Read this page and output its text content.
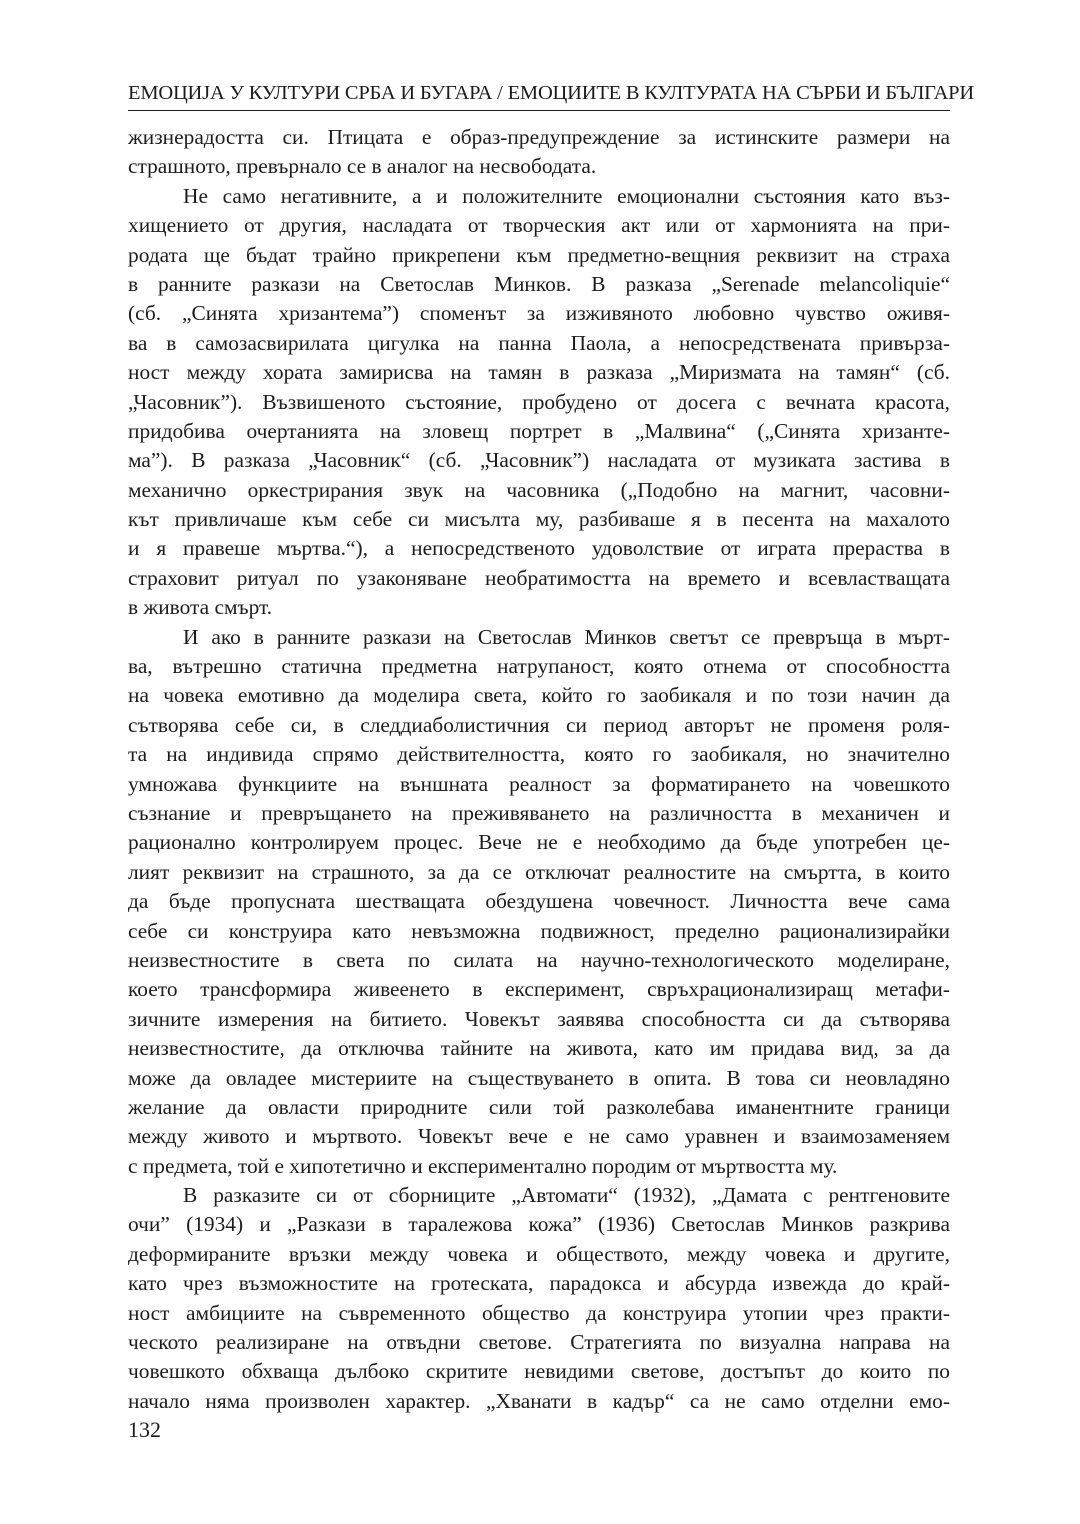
ЕМОЦИЈА У КУЛТУРИ СРБА И БУГАРА / ЕМОЦИИТЕ В КУЛТУРАТА НА СЪРБИ И БЪЛГАРИ

жизнерадостта си. Птицата е образ-предупреждение за истинските размери на
страшното, превърнало се в аналог на несвободата.

Не само негативните, а и положителните емоционални състояния като въз-
хищението от другия, насладата от творческия акт или от хармонията на при-
родата ще бъдат трайно прикрепени към предметно-вещния реквизит на страха
в ранните разкази на Светослав Минков. В разказа „Serenade melancoliquie“
(сб. „Синята хризантема”) споменът за изживяното любовно чувство оживя-
ва в самозасвирилата цигулка на панна Паола, а непосредствената привърза-
ност между хората замирисва на тамян в разказа „Миризмата на тамян“ (сб.
„Часовник”). Възвишеното състояние, пробудено от досега с вечната красота,
придобива очертанията на зловещ портрет в „Малвина“ („Синята хризанте-
ма”). В разказа „Часовник“ (сб. „Часовник”) насладата от музиката застива в
механично оркестрирания звук на часовника („Подобно на магнит, часовни-
кът привличаше към себе си мисълта му, разбиваше я в песента на махалото
и я правеше мъртва.“), а непосредственото удоволствие от играта прераства в
страховит ритуал по узаконяване необратимостта на времето и всевластващата
в живота смърт.

И ако в ранните разкази на Светослав Минков светът се превръща в мърт-
ва, вътрешно статична предметна натрупаност, която отнема от способността
на човека емотивно да моделира света, който го заобикаля и по този начин да
сътворява себе си, в следдиаболистичния си период авторът не променя роля-
та на индивида спрямо действителността, която го заобикаля, но значително
умножава функциите на външната реалност за форматирането на човешкото
съзнание и превръщането на преживяването на различността в механичен и
рационално контролируем процес. Вече не е необходимо да бъде употребен це-
лият реквизит на страшното, за да се отключат реалностите на смъртта, в които
да бъде пропусната шестващата обездушена човечност. Личността вече сама
себе си конструира като невъзможна подвижност, пределно рационализирайки
неизвестностите в света по силата на научно-технологическото моделиране,
което трансформира живеенето в експеримент, свръхрационализиращ метафи-
зичните измерения на битието. Човекът заявява способността си да сътворява
неизвестностите, да отключва тайните на живота, като им придава вид, за да
може да овладее мистериите на съществуването в опита. В това си неовладяно
желание да овласти природните сили той разколебава иманентните граници
между живото и мъртвото. Човекът вече е не само уравнен и взаимозаменяем
с предмета, той е хипотетично и експериментално породим от мъртвостта му.

В разказите си от сборниците „Автомати“ (1932), „Дамата с рентгеновите
очи” (1934) и „Разкази в таралежова кожа” (1936) Светослав Минков разкрива
деформираните връзки между човека и обществото, между човека и другите,
като чрез възможностите на гротеската, парадокса и абсурда извежда до край-
ност амбициите на съвременното общество да конструира утопии чрез практи-
ческото реализиране на отвъдни светове. Стратегията по визуална направа на
човешкото обхваща дълбоко скритите невидими светове, достъпът до които по
начало няма произволен характер. „Хванати в кадър“ са не само отделни емо-

132
